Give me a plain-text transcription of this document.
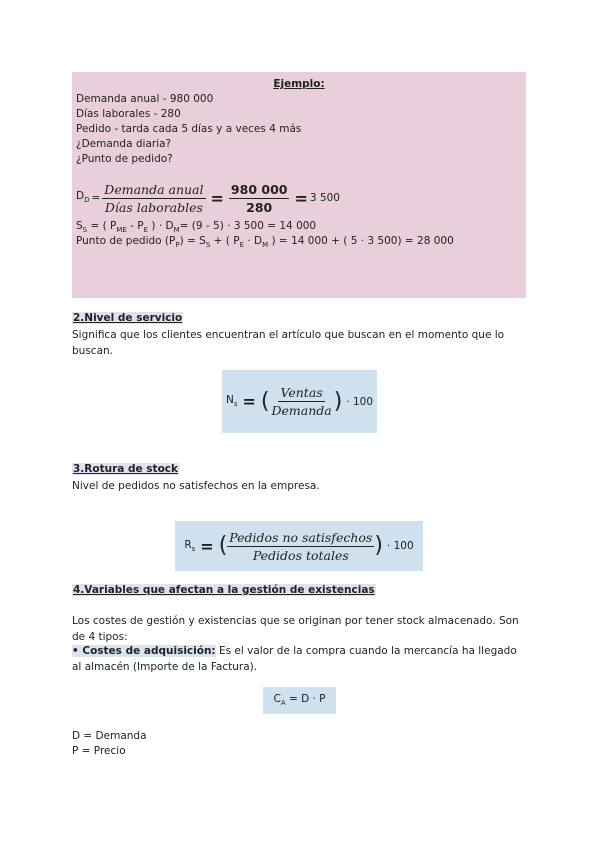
Ejemplo:
Demanda anual - 980 000
Días laborales - 280
Pedido - tarda cada 5 días y a veces 4 más
¿Demanda diaria?
¿Punto de pedido?
$D_D = \frac{\text{Demanda anual}}{\text{Días laborables}} = \frac{980 000}{280} = 3$ 500
$S_S$ = ( $P_{ME} - P_E$ ) · $D_M= (9 - 5) \cdot 3$ 500 = 14 000
Punto de pedido $(P_P) = S_S$ + ( $P_E \cdot D_M$ ) = 14 000 + ( 5 · 3 500) = 28 000
2.Nivel de servicio
Significa que los clientes encuentran el artículo que buscan en el momento que lo buscan.
$N_s$ = ( $\frac{\text{Ventas}}{\text{Demanda}}$ ) · 100
3.Rotura de stock
Nivel de pedidos no satisfechos en la empresa.
$R_s$ = ( $\frac{\text{Pedidos no satisfechos}}{\text{Pedidos totales}}$ ) · 100
4.Variables que afectan a la gestión de existencias
Los costes de gestión y existencias que se originan por tener stock almacenado. Son de 4 tipos:
• Costes de adquisición: Es el valor de la compra cuando la mercancía ha llegado al almacén (Importe de la Factura).
$C_A = D \cdot P$
D = Demanda
P = Precio
